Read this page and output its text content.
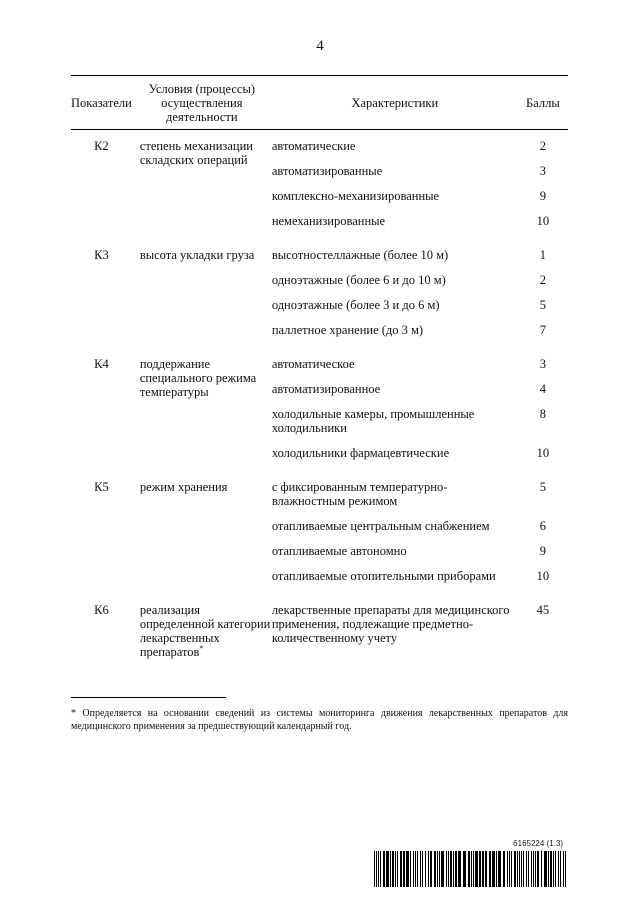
4
Показатели	Условия (процессы) осуществления деятельности	Характеристики	Баллы
К2	степень механизации складских операций	автоматические	2
		автоматизированные	3
		комплексно-механизированные	9
		немеханизированные	10
К3	высота укладки груза	высотностеллажные (более 10 м)	1
		одноэтажные (более 6 и до 10 м)	2
		одноэтажные (более 3 и до 6 м)	5
		паллетное хранение (до 3 м)	7
К4	поддержание специального режима температуры	автоматическое	3
		автоматизированное	4
		холодильные камеры, промышленные холодильники	8
		холодильники фармацевтические	10
К5	режим хранения	с фиксированным температурно-влажностным режимом	5
		отапливаемые центральным снабжением	6
		отапливаемые автономно	9
		отапливаемые отопительными приборами	10
К6	реализация определенной категории лекарственных препаратов*	лекарственные препараты для медицинского применения, подлежащие предметно-количественному учету	45
* Определяется на основании сведений из системы мониторинга движения лекарственных препаратов для медицинского применения за предшествующий календарный год.
6165224 (1.3)
